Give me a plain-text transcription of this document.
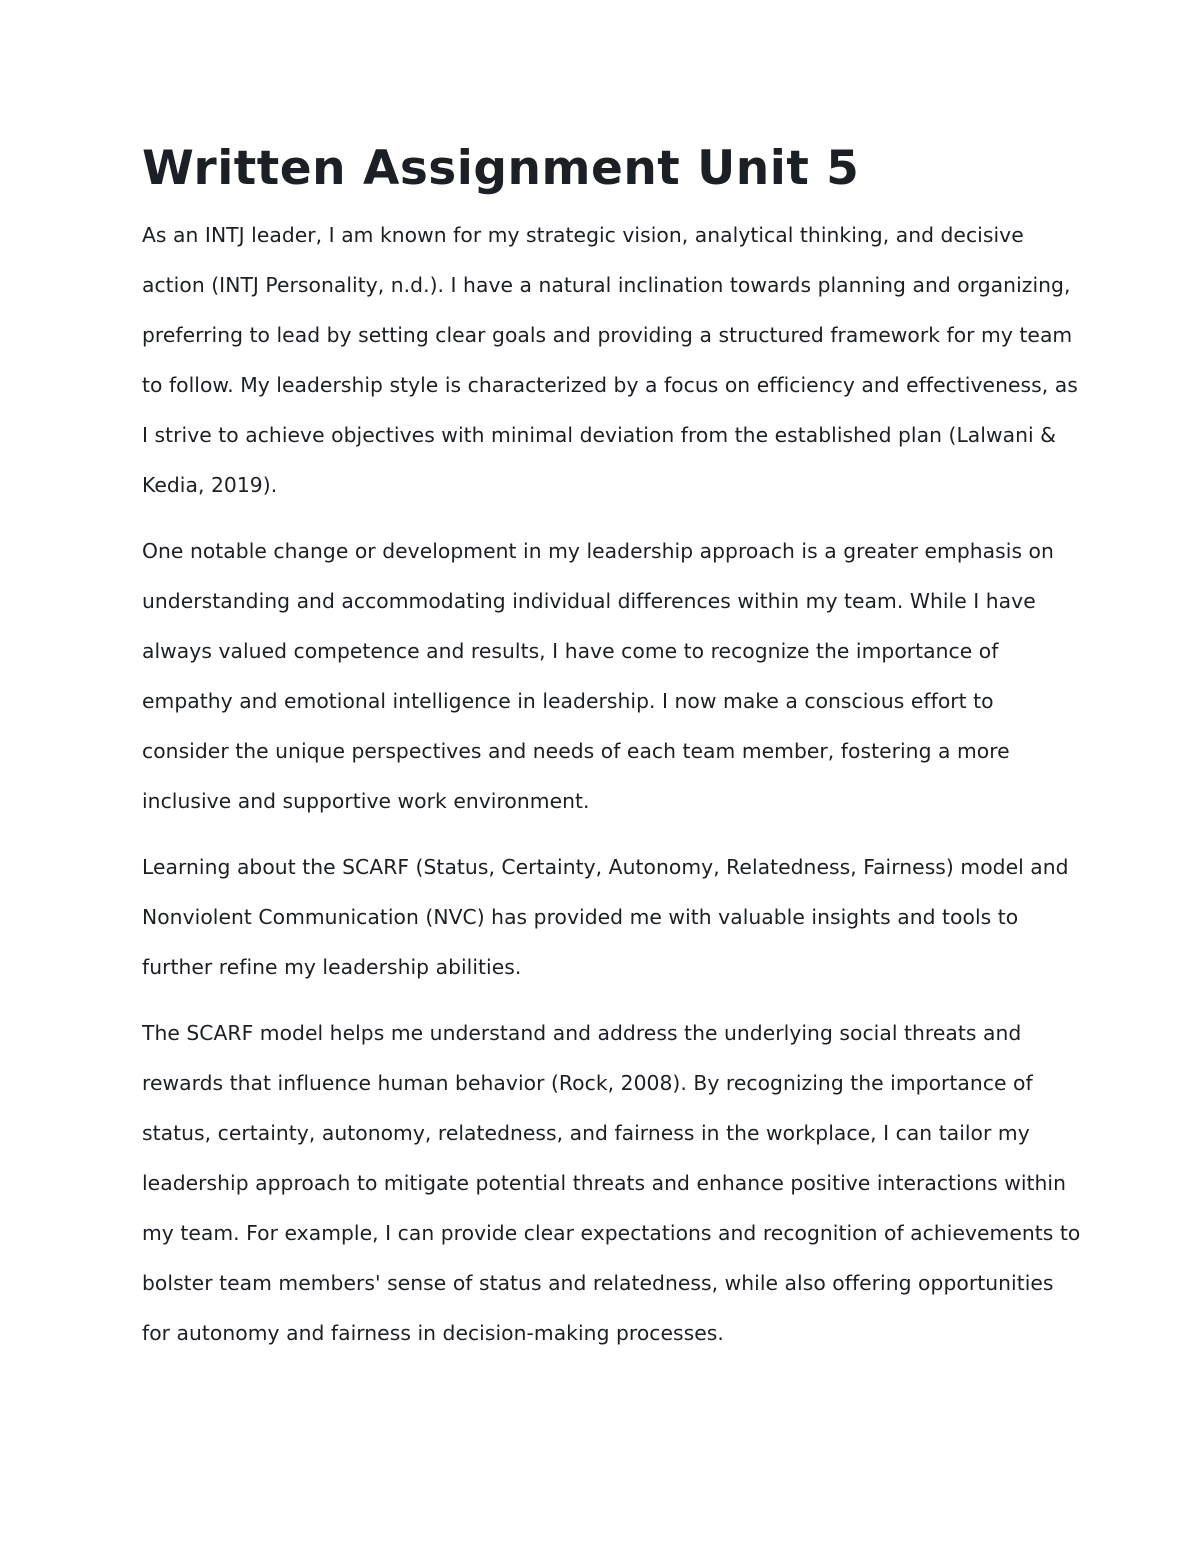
Written Assignment Unit 5

As an INTJ leader, I am known for my strategic vision, analytical thinking, and decisive action (INTJ Personality, n.d.). I have a natural inclination towards planning and organizing, preferring to lead by setting clear goals and providing a structured framework for my team to follow. My leadership style is characterized by a focus on efficiency and effectiveness, as I strive to achieve objectives with minimal deviation from the established plan (Lalwani & Kedia, 2019).

One notable change or development in my leadership approach is a greater emphasis on understanding and accommodating individual differences within my team. While I have always valued competence and results, I have come to recognize the importance of empathy and emotional intelligence in leadership. I now make a conscious effort to consider the unique perspectives and needs of each team member, fostering a more inclusive and supportive work environment.

Learning about the SCARF (Status, Certainty, Autonomy, Relatedness, Fairness) model and Nonviolent Communication (NVC) has provided me with valuable insights and tools to further refine my leadership abilities.

The SCARF model helps me understand and address the underlying social threats and rewards that influence human behavior (Rock, 2008). By recognizing the importance of status, certainty, autonomy, relatedness, and fairness in the workplace, I can tailor my leadership approach to mitigate potential threats and enhance positive interactions within my team. For example, I can provide clear expectations and recognition of achievements to bolster team members' sense of status and relatedness, while also offering opportunities for autonomy and fairness in decision-making processes.
